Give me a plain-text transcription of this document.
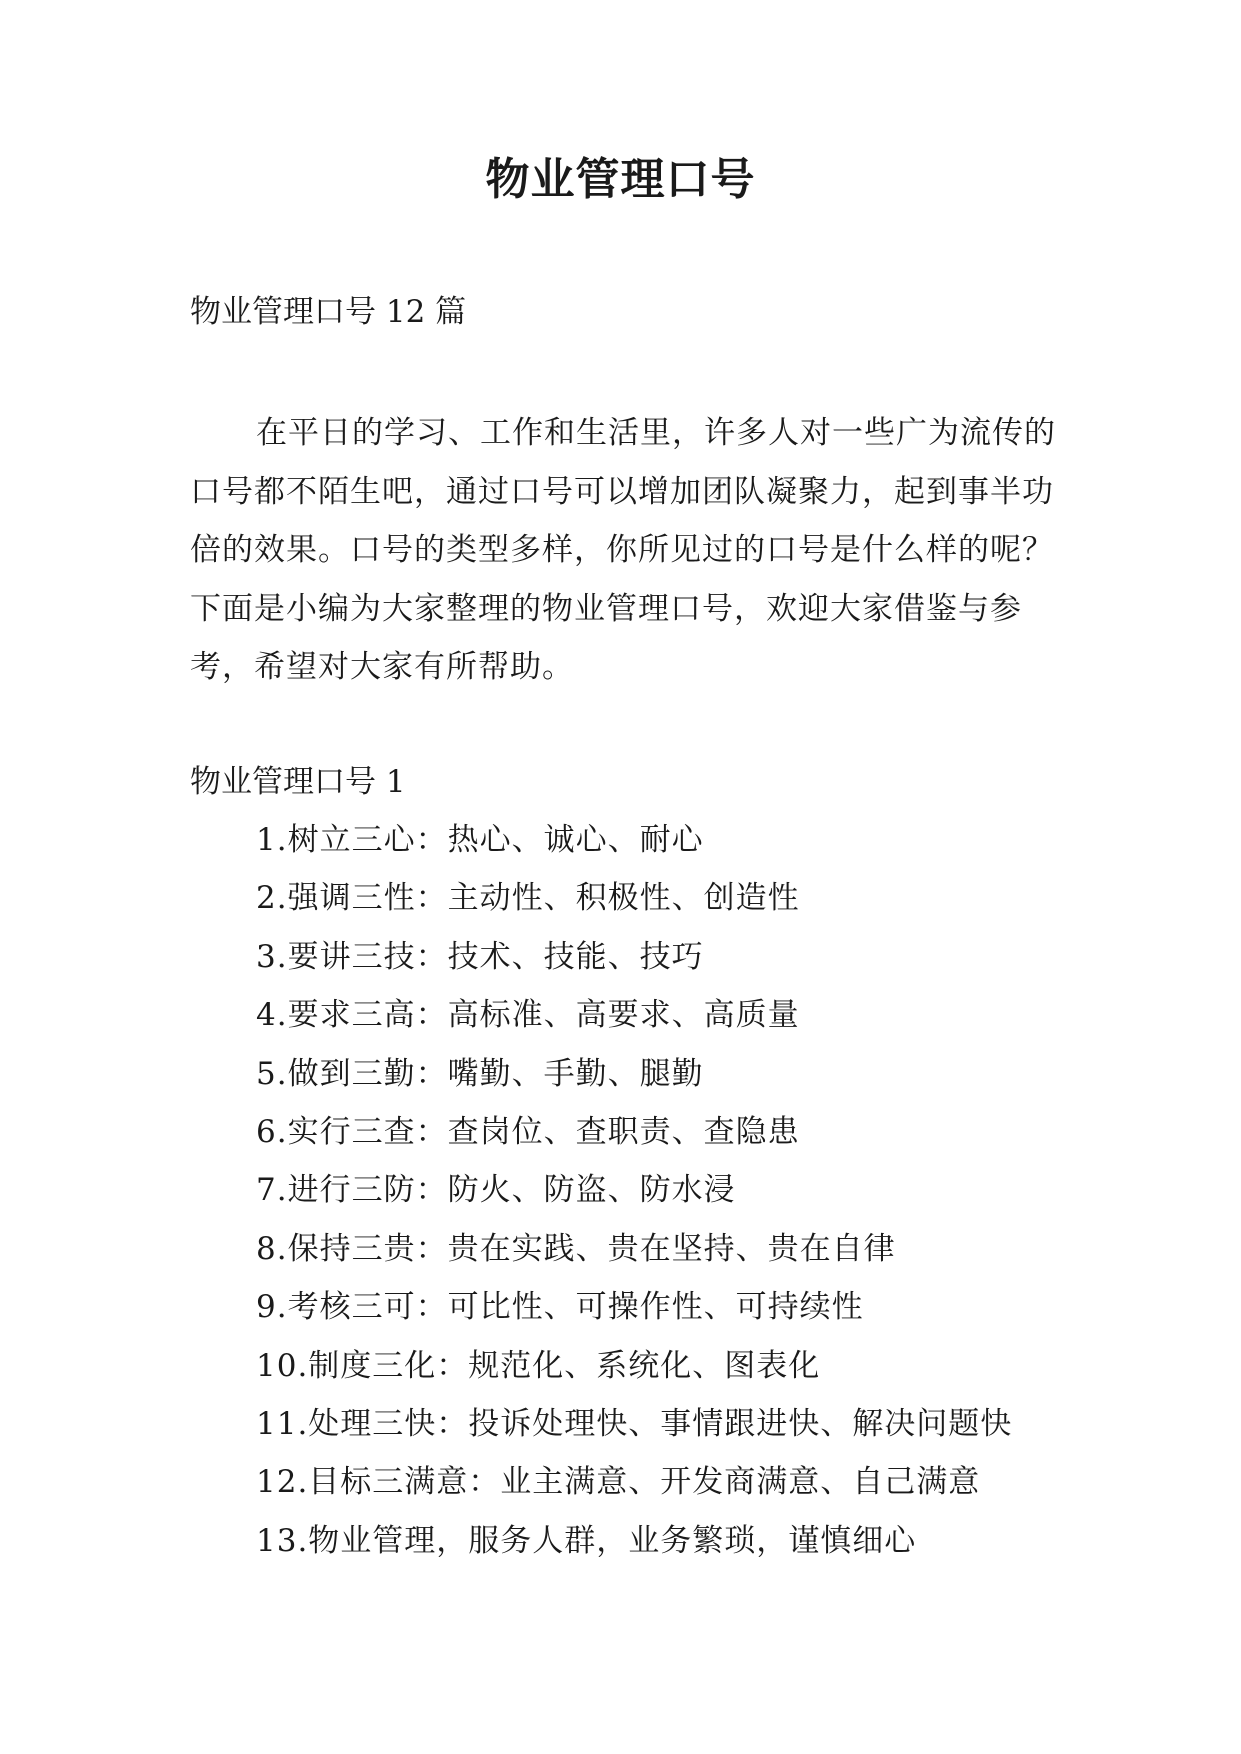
物业管理口号
物业管理口号 12 篇

在平日的学习、工作和生活里，许多人对一些广为流传的口号都不陌生吧，通过口号可以增加团队凝聚力，起到事半功倍的效果。口号的类型多样，你所见过的口号是什么样的呢？下面是小编为大家整理的物业管理口号，欢迎大家借鉴与参考，希望对大家有所帮助。

物业管理口号 1
1.树立三心：热心、诚心、耐心
2.强调三性：主动性、积极性、创造性
3.要讲三技：技术、技能、技巧
4.要求三高：高标准、高要求、高质量
5.做到三勤：嘴勤、手勤、腿勤
6.实行三查：查岗位、查职责、查隐患
7.进行三防：防火、防盗、防水浸
8.保持三贵：贵在实践、贵在坚持、贵在自律
9.考核三可：可比性、可操作性、可持续性
10.制度三化：规范化、系统化、图表化
11.处理三快：投诉处理快、事情跟进快、解决问题快
12.目标三满意：业主满意、开发商满意、自己满意
13.物业管理，服务人群，业务繁琐，谨慎细心
